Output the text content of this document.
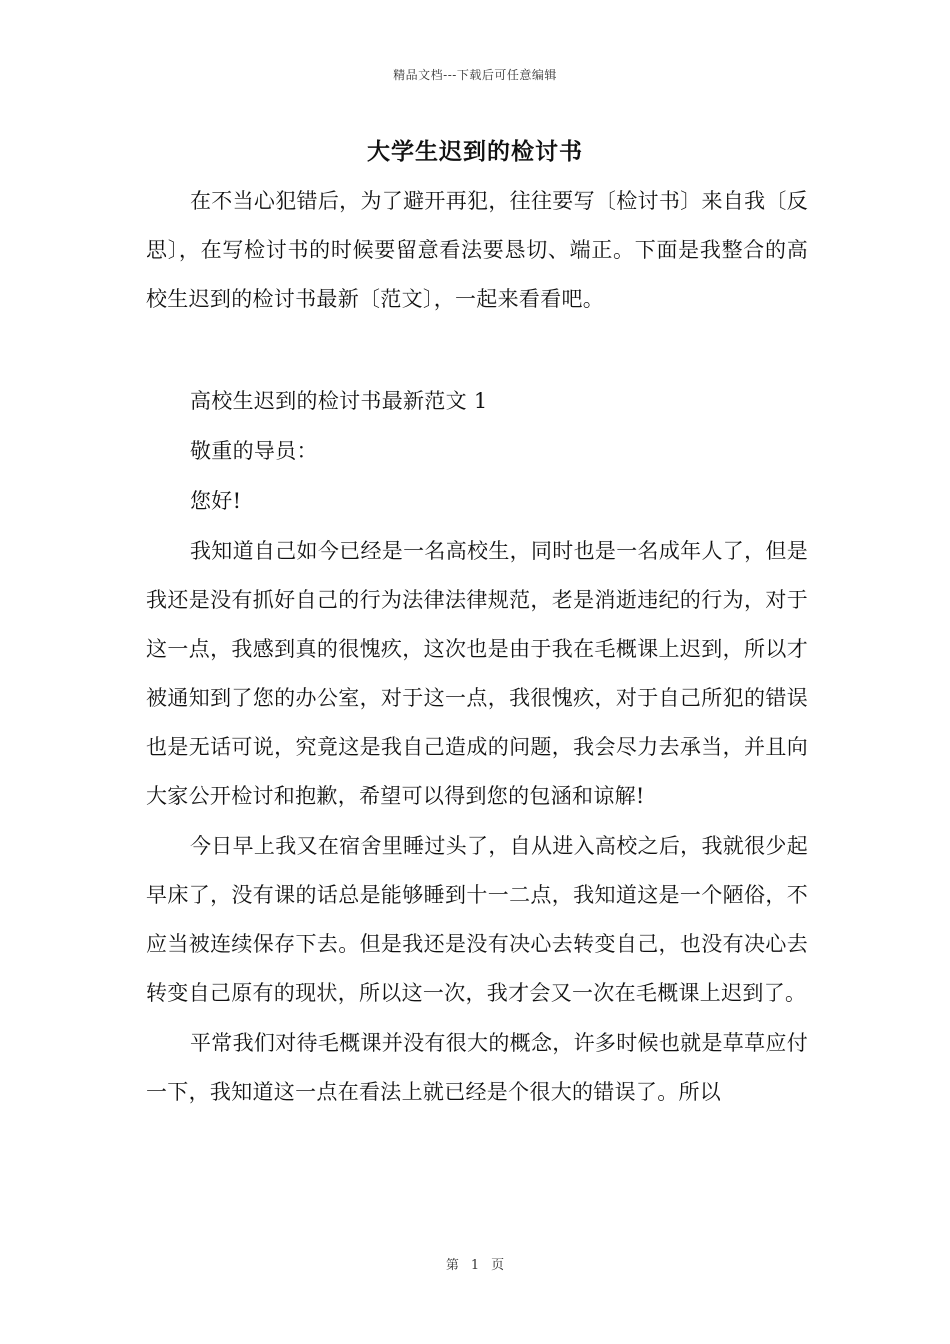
精品文档---下载后可任意编辑
大学生迟到的检讨书

在不当心犯错后，为了避开再犯，往往要写〔检讨书〕来自我〔反思〕，在写检讨书的时候要留意看法要恳切、端正。下面是我整合的高校生迟到的检讨书最新〔范文〕，一起来看看吧。

高校生迟到的检讨书最新范文 1

敬重的导员：

您好!

我知道自己如今已经是一名高校生，同时也是一名成年人了，但是我还是没有抓好自己的行为法律法律规范，老是消逝违纪的行为，对于这一点，我感到真的很愧疚，这次也是由于我在毛概课上迟到，所以才被通知到了您的办公室，对于这一点，我很愧疚，对于自己所犯的错误也是无话可说，究竟这是我自己造成的问题，我会尽力去承当，并且向大家公开检讨和抱歉，希望可以得到您的包涵和谅解!

今日早上我又在宿舍里睡过头了，自从进入高校之后，我就很少起早床了，没有课的话总是能够睡到十一二点，我知道这是一个陋俗，不应当被连续保存下去。但是我还是没有决心去转变自己，也没有决心去转变自己原有的现状，所以这一次，我才会又一次在毛概课上迟到了。

平常我们对待毛概课并没有很大的概念，许多时候也就是草草应付一下，我知道这一点在看法上就已经是个很大的错误了。所以

第 1 页
